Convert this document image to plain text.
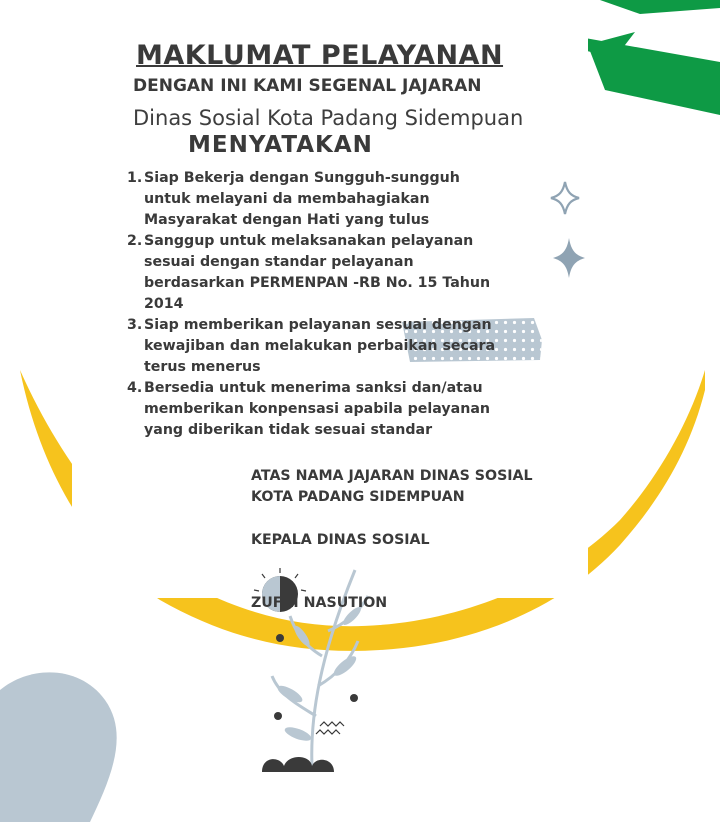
MAKLUMAT PELAYANAN
DENGAN INI KAMI SEGENAL JAJARAN
Dinas Sosial Kota Padang Sidempuan
MENYATAKAN
1. Siap Bekerja dengan Sungguh-sungguh
untuk melayani da membahagiakan
Masyarakat dengan Hati yang tulus
2. Sanggup untuk melaksanakan pelayanan
sesuai dengan standar pelayanan
berdasarkan PERMENPAN -RB No. 15 Tahun
2014
3. Siap memberikan pelayanan sesuai dengan
kewajiban dan melakukan perbaikan secara
terus menerus
4. Bersedia untuk menerima sanksi dan/atau
memberikan konpensasi apabila pelayanan
yang diberikan tidak sesuai standar
ATAS NAMA JAJARAN DINAS SOSIAL
KOTA PADANG SIDEMPUAN
KEPALA DINAS SOSIAL
ZUFRI NASUTION
